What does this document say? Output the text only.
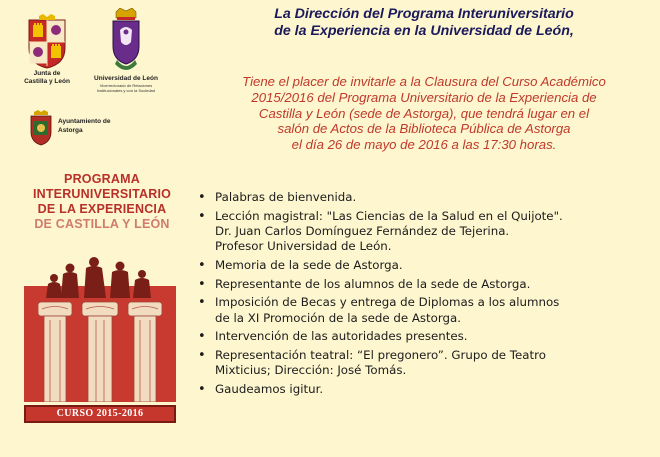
Junta de
Castilla y León	Universidad de León
Vicerrectorado de Relaciones
Institucionales y con la Sociedad
Ayuntamiento de
Astorga
PROGRAMA
INTERUNIVERSITARIO
DE LA EXPERIENCIA
DE CASTILLA Y LEÓN
CURSO 2015-2016
La Dirección del Programa Interuniversitario
de la Experiencia en la Universidad de León,
Tiene el placer de invitarle a la Clausura del Curso Académico
2015/2016 del Programa Universitario de la Experiencia de
Castilla y León (sede de Astorga), que tendrá lugar en el
salón de Actos de la Biblioteca Pública de Astorga
el día 26 de mayo de 2016 a las 17:30 horas.
• Palabras de bienvenida.
• Lección magistral: "Las Ciencias de la Salud en el Quijote".
Dr. Juan Carlos Domínguez Fernández de Tejerina.
Profesor Universidad de León.
• Memoria de la sede de Astorga.
• Representante de los alumnos de la sede de Astorga.
• Imposición de Becas y entrega de Diplomas a los alumnos
de la XI Promoción de la sede de Astorga.
• Intervención de las autoridades presentes.
• Representación teatral: “El pregonero”. Grupo de Teatro
Mixticius; Dirección: José Tomás.
• Gaudeamos igitur.
